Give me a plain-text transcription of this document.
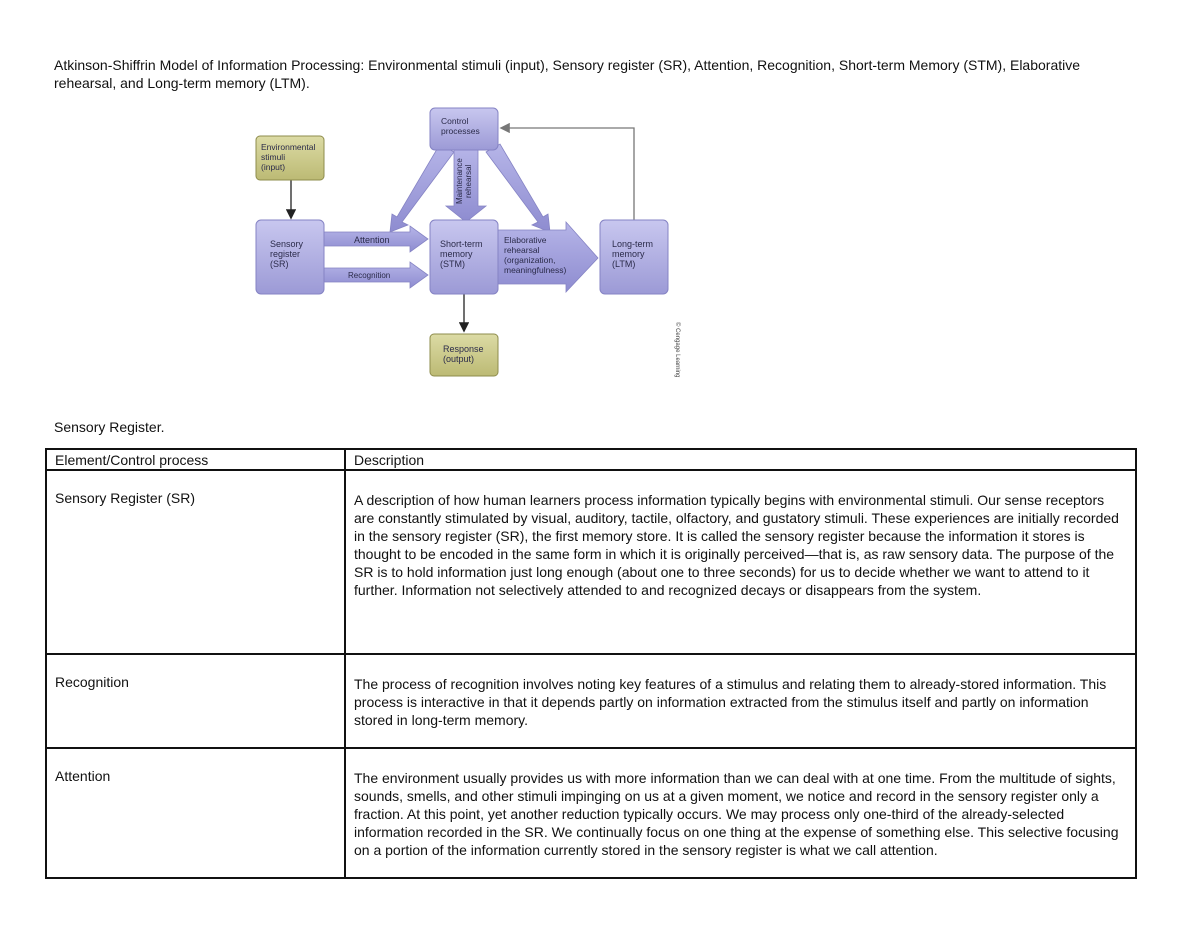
Atkinson-Shiffrin Model of Information Processing: Environmental stimuli (input), Sensory register (SR), Attention, Recognition, Short-term Memory (STM), Elaborative rehearsal, and Long-term memory (LTM).
Maintenance rehearsal
Attention
Recognition
Elaborative rehearsal (organization, meaningfulness)
Environmental stimuli (input)
Control processes
Sensory register (SR)
Short-term memory (STM)
Long-term memory (LTM)
Response (output)	© Cengage Learning
Sensory Register.
Element/Control process	Description
Sensory Register (SR)	A description of how human learners process information typically begins with environmental stimuli. Our sense receptors are constantly stimulated by visual, auditory, tactile, olfactory, and gustatory stimuli. These experiences are initially recorded in the sensory register (SR), the first memory store. It is called the sensory register because the information it stores is thought to be encoded in the same form in which it is originally perceived—that is, as raw sensory data. The purpose of the SR is to hold information just long enough (about one to three seconds) for us to decide whether we want to attend to it further. Information not selectively attended to and recognized decays or disappears from the system.
Recognition	The process of recognition involves noting key features of a stimulus and relating them to already-stored information. This process is interactive in that it depends partly on information extracted from the stimulus itself and partly on information stored in long-term memory.
Attention	The environment usually provides us with more information than we can deal with at one time. From the multitude of sights, sounds, smells, and other stimuli impinging on us at a given moment, we notice and record in the sensory register only a fraction. At this point, yet another reduction typically occurs. We may process only one-third of the already-selected information recorded in the SR. We continually focus on one thing at the expense of something else. This selective focusing on a portion of the information currently stored in the sensory register is what we call attention.
